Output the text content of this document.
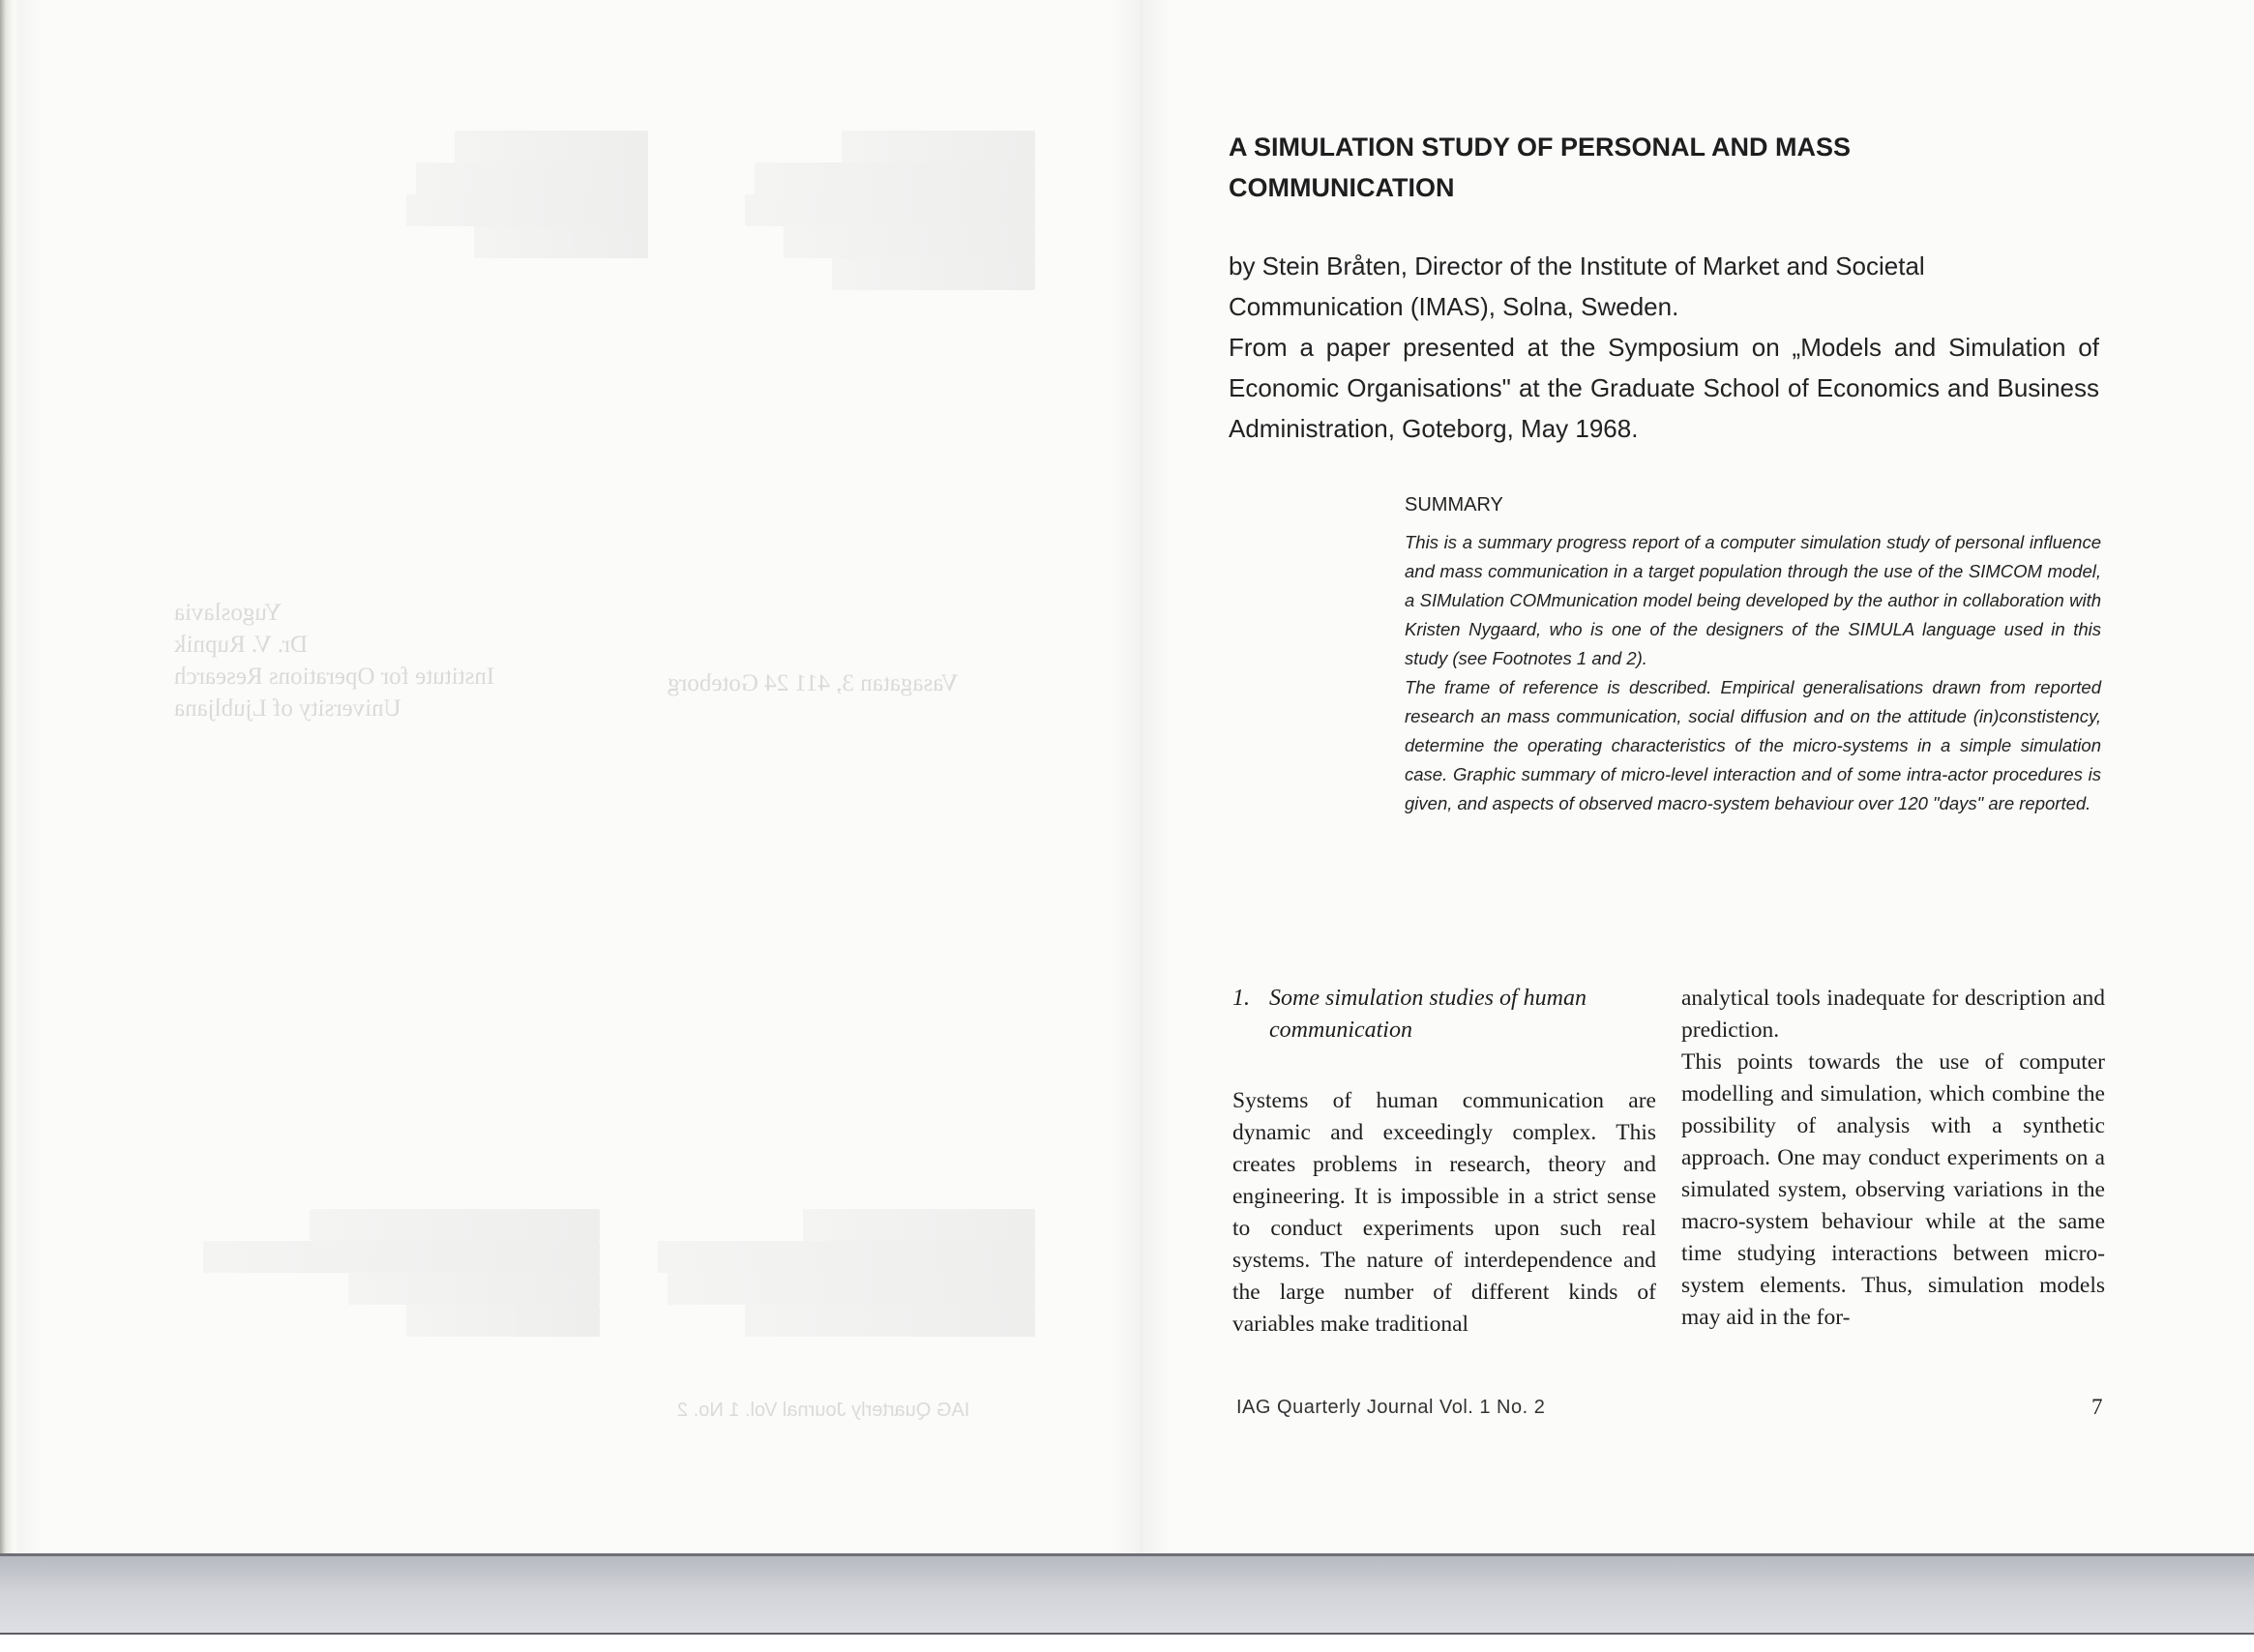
Yugoslavia
Dr. V. Rupnik
Institute for Operations Research
University of Ljubljana
Vasagatan 3, 411 24 Goteborg
IAG Quarterly Journal Vol. 1 No. 2
A SIMULATION STUDY OF PERSONAL AND MASS COMMUNICATION

by Stein Bråten, Director of the Institute of Market and Societal Communication (IMAS), Solna, Sweden.

From a paper presented at the Symposium on „Models and Simulation of Economic Organisations" at the Graduate School of Economics and Business Administration, Goteborg, May 1968.

SUMMARY

This is a summary progress report of a computer simulation study of personal influence and mass communication in a target population through the use of the SIMCOM model, a SIMulation COMmunication model being developed by the author in collaboration with Kristen Nygaard, who is one of the designers of the SIMULA language used in this study (see Footnotes 1 and 2).

The frame of reference is described. Empirical generalisations drawn from reported research an mass communication, social diffusion and on the attitude (in)constistency, determine the operating characteristics of the micro-systems in a simple simulation case. Graphic summary of micro-level interaction and of some intra-actor procedures is given, and aspects of observed macro-system behaviour over 120 "days" are reported.

1. Some simulation studies of human communication

Systems of human communication are dynamic and exceedingly complex. This creates problems in research, theory and engineering. It is impossible in a strict sense to conduct experiments upon such real systems. The nature of interdependence and the large number of different kinds of variables make traditional

analytical tools inadequate for description and prediction.

This points towards the use of computer modelling and simulation, which combine the possibility of analysis with a synthetic approach. One may conduct experiments on a simulated system, observing variations in the macro-system behaviour while at the same time studying interactions between micro-system elements. Thus, simulation models may aid in the for-

IAG Quarterly Journal Vol. 1 No. 2	7
